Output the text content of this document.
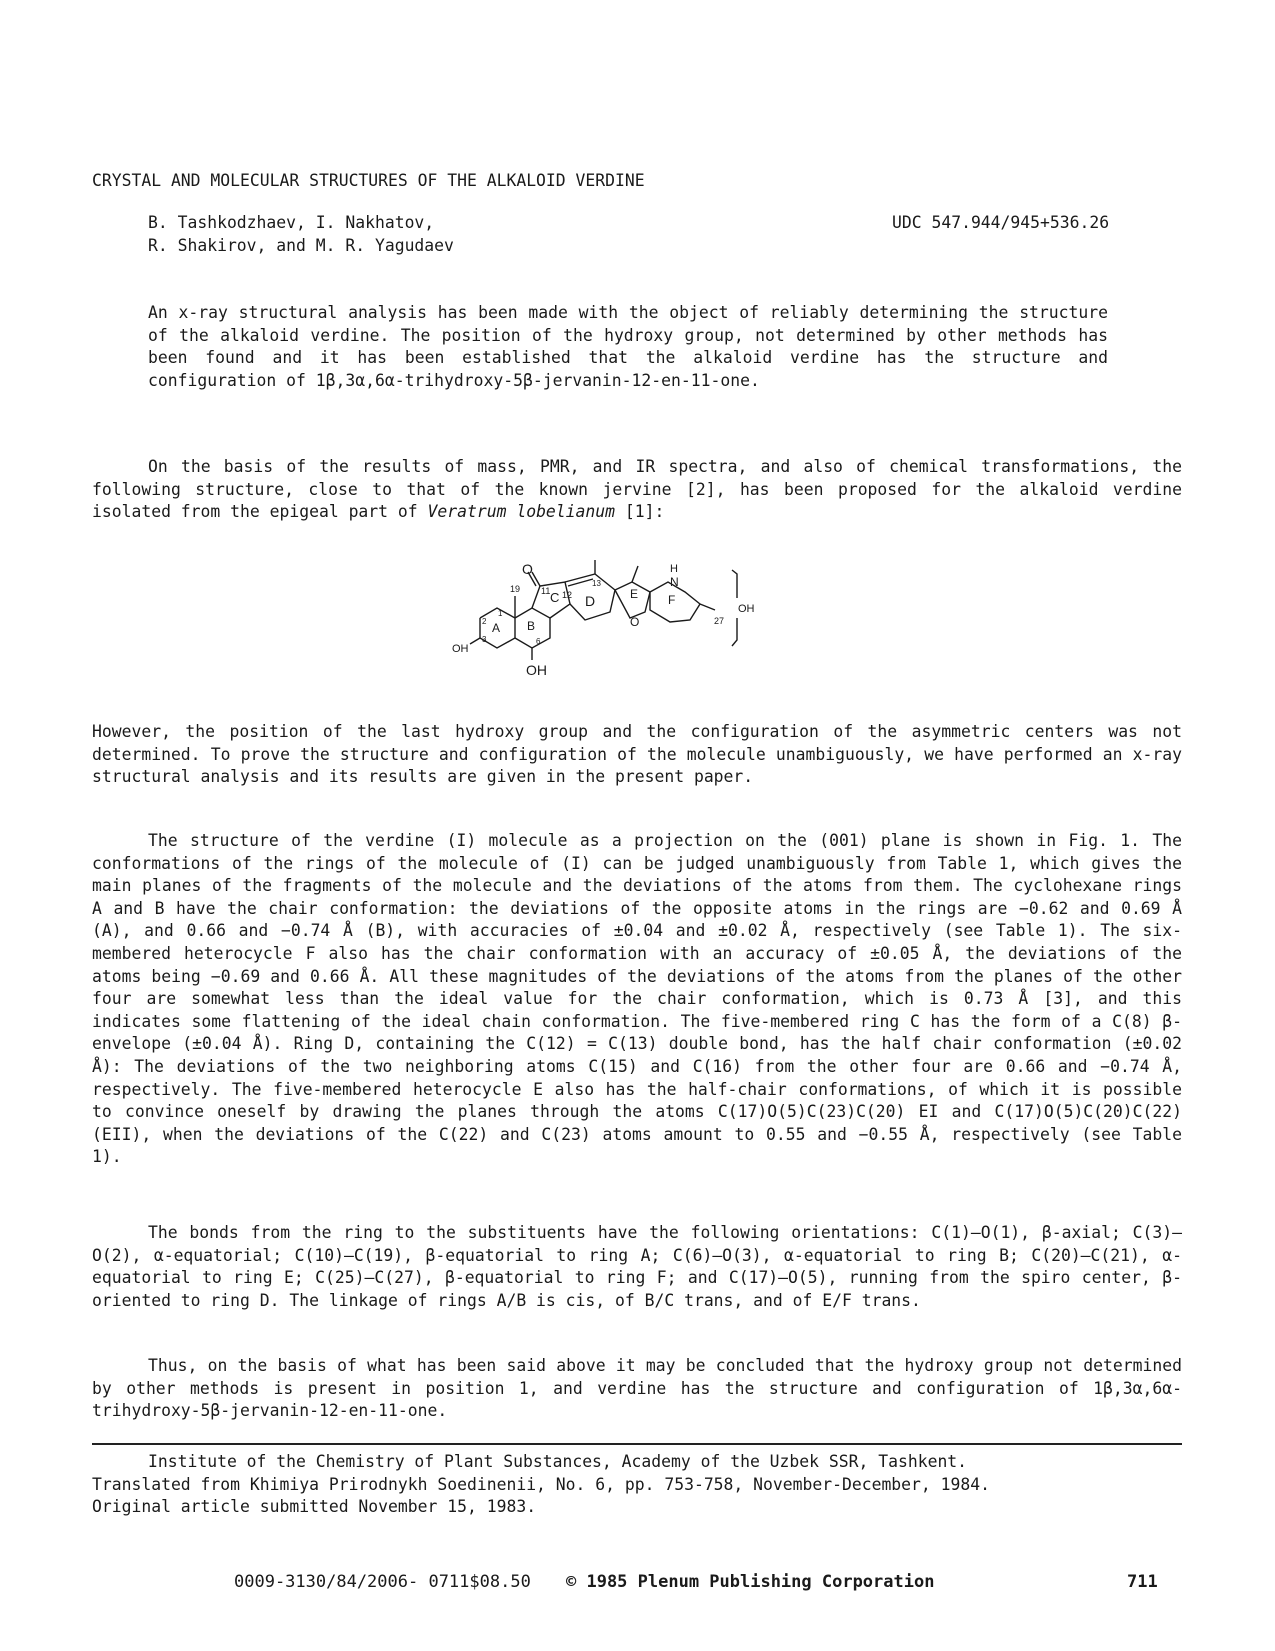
CRYSTAL AND MOLECULAR STRUCTURES OF THE ALKALOID VERDINE
B. Tashkodzhaev, I. Nakhatov,
R. Shakirov, and M. R. Yagudaev
UDC 547.944/945+536.26
An x-ray structural analysis has been made with the object of reliably determining the structure of the alkaloid verdine. The position of the hydroxy group, not determined by other methods has been found and it has been established that the alkaloid verdine has the structure and configuration of 1β,3α,6α-trihydroxy-5β-jervanin-12-en-11-one.

On the basis of the results of mass, PMR, and IR spectra, and also of chemical transformations, the following structure, close to that of the known jervine [2], has been proposed for the alkaloid verdine isolated from the epigeal part of Veratrum lobelianum [1]:

O
19 11 12
13
A B
C D	E F
H
N
O	27
OH
OH
OH
1
2
3	6

However, the position of the last hydroxy group and the configuration of the asymmetric centers was not determined. To prove the structure and configuration of the molecule unambiguously, we have performed an x-ray structural analysis and its results are given in the present paper.

The structure of the verdine (I) molecule as a projection on the (001) plane is shown in Fig. 1. The conformations of the rings of the molecule of (I) can be judged unambiguously from Table 1, which gives the main planes of the fragments of the molecule and the deviations of the atoms from them. The cyclohexane rings A and B have the chair conformation: the deviations of the opposite atoms in the rings are −0.62 and 0.69 Å (A), and 0.66 and −0.74 Å (B), with accuracies of ±0.04 and ±0.02 Å, respectively (see Table 1). The six-membered heterocycle F also has the chair conformation with an accuracy of ±0.05 Å, the deviations of the atoms being −0.69 and 0.66 Å. All these magnitudes of the deviations of the atoms from the planes of the other four are somewhat less than the ideal value for the chair conformation, which is 0.73 Å [3], and this indicates some flattening of the ideal chain conformation. The five-membered ring C has the form of a C(8) β-envelope (±0.04 Å). Ring D, containing the C(12) = C(13) double bond, has the half chair conformation (±0.02 Å): The deviations of the two neighboring atoms C(15) and C(16) from the other four are 0.66 and −0.74 Å, respectively. The five-membered heterocycle E also has the half-chair conformations, of which it is possible to convince oneself by drawing the planes through the atoms C(17)O(5)C(23)C(20) EI and C(17)O(5)C(20)C(22) (EII), when the deviations of the C(22) and C(23) atoms amount to 0.55 and −0.55 Å, respectively (see Table 1).

The bonds from the ring to the substituents have the following orientations: C(1)—O(1), β-axial; C(3)—O(2), α-equatorial; C(10)—C(19), β-equatorial to ring A; C(6)—O(3), α-equatorial to ring B; C(20)—C(21), α-equatorial to ring E; C(25)—C(27), β-equatorial to ring F; and C(17)—O(5), running from the spiro center, β-oriented to ring D. The linkage of rings A/B is cis, of B/C trans, and of E/F trans.

Thus, on the basis of what has been said above it may be concluded that the hydroxy group not determined by other methods is present in position 1, and verdine has the structure and configuration of 1β,3α,6α-trihydroxy-5β-jervanin-12-en-11-one.

Institute of the Chemistry of Plant Substances, Academy of the Uzbek SSR, Tashkent.
Translated from Khimiya Prirodnykh Soedinenii, No. 6, pp. 753-758, November-December, 1984.
Original article submitted November 15, 1983.
0009-3130/84/2006- 0711$08.50 © 1985 Plenum Publishing Corporation	711
